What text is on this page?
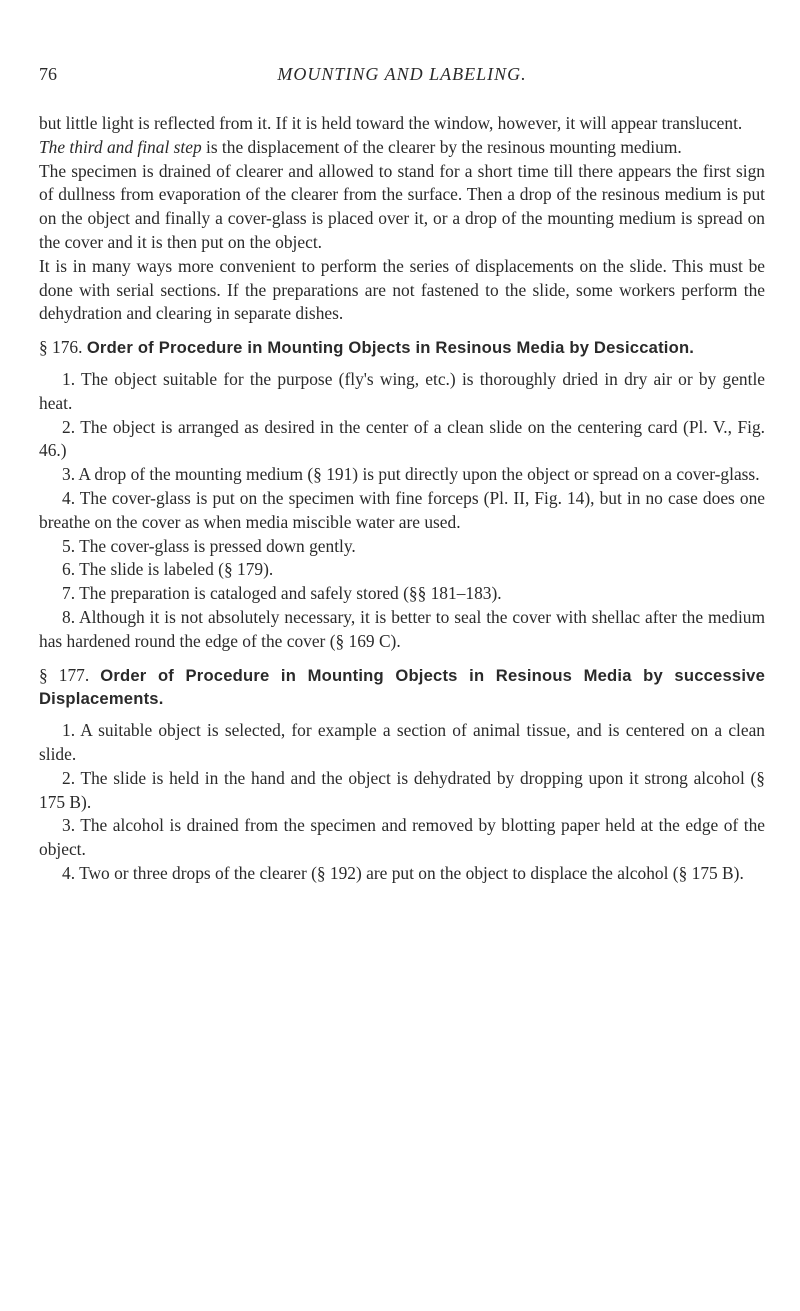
76	MOUNTING AND LABELING.

but little light is reflected from it. If it is held toward the window, however, it will appear translucent.

The third and final step is the displacement of the clearer by the resinous mounting medium.

The specimen is drained of clearer and allowed to stand for a short time till there appears the first sign of dullness from evaporation of the clearer from the surface. Then a drop of the resinous medium is put on the object and finally a cover-glass is placed over it, or a drop of the mounting medium is spread on the cover and it is then put on the object.

It is in many ways more convenient to perform the series of displacements on the slide. This must be done with serial sections. If the preparations are not fastened to the slide, some workers perform the dehydration and clearing in separate dishes.

§ 176. Order of Procedure in Mounting Objects in Resinous Media by Desiccation.

1. The object suitable for the purpose (fly's wing, etc.) is thoroughly dried in dry air or by gentle heat.

2. The object is arranged as desired in the center of a clean slide on the centering card (Pl. V., Fig. 46.)

3. A drop of the mounting medium (§ 191) is put directly upon the object or spread on a cover-glass.

4. The cover-glass is put on the specimen with fine forceps (Pl. II, Fig. 14), but in no case does one breathe on the cover as when media miscible water are used.

5. The cover-glass is pressed down gently.

6. The slide is labeled (§ 179).

7. The preparation is cataloged and safely stored (§§ 181–183).

8. Although it is not absolutely necessary, it is better to seal the cover with shellac after the medium has hardened round the edge of the cover (§ 169 C).

§ 177. Order of Procedure in Mounting Objects in Resinous Media by successive Displacements.

1. A suitable object is selected, for example a section of animal tissue, and is centered on a clean slide.

2. The slide is held in the hand and the object is dehydrated by dropping upon it strong alcohol (§ 175 B).

3. The alcohol is drained from the specimen and removed by blotting paper held at the edge of the object.

4. Two or three drops of the clearer (§ 192) are put on the object to displace the alcohol (§ 175 B).
